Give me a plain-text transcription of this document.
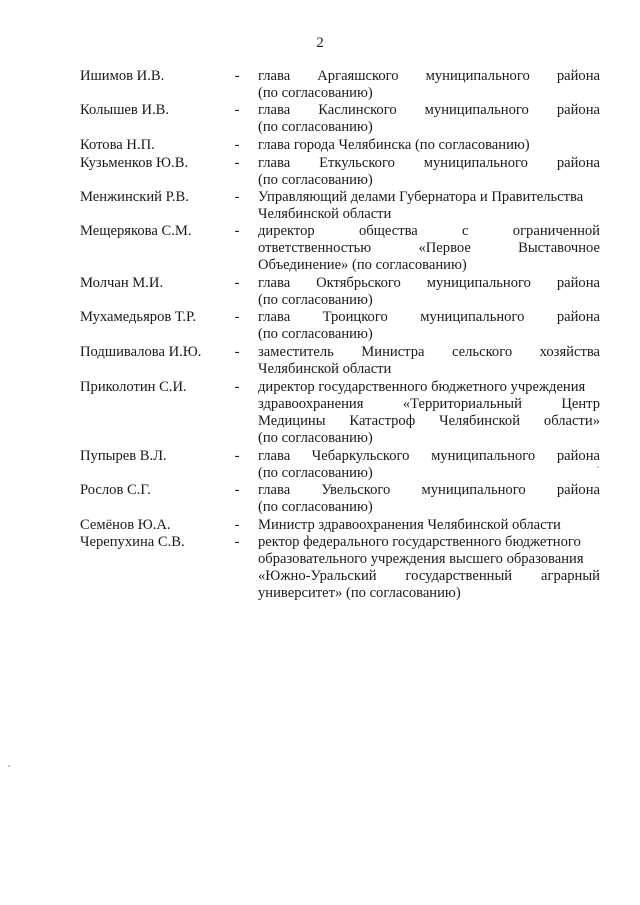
2
Ишимов И.В.	- глава Аргаяшского муниципального района
(по согласованию)
Колышев И.В.	- глава Каслинского муниципального района
(по согласованию)
Котова Н.П.	- глава города Челябинска (по согласованию)
Кузьменков Ю.В.	- глава Еткульского муниципального района
(по согласованию)
Менжинский Р.В.	- Управляющий делами Губернатора и Правительства
Челябинской области
Мещерякова С.М.	- директор общества с ограниченной
ответственностью «Первое Выставочное
Объединение» (по согласованию)
Молчан М.И.	- глава Октябрьского муниципального района
(по согласованию)
Мухамедьяров Т.Р.	- глава Троицкого муниципального района
(по согласованию)
Подшивалова И.Ю.	- заместитель Министра сельского хозяйства
Челябинской области
Приколотин С.И.	- директор государственного бюджетного учреждения
здравоохранения «Территориальный Центр
Медицины Катастроф Челябинской области»
(по согласованию)
Пупырев В.Л.	- глава Чебаркульского муниципального района
(по согласованию)
Рослов С.Г.	- глава Увельского муниципального района
(по согласованию)
Семёнов Ю.А.	- Министр здравоохранения Челябинской области
Черепухина С.В.	- ректор федерального государственного бюджетного
образовательного учреждения высшего образования
«Южно-Уральский государственный аграрный
университет» (по согласованию)
